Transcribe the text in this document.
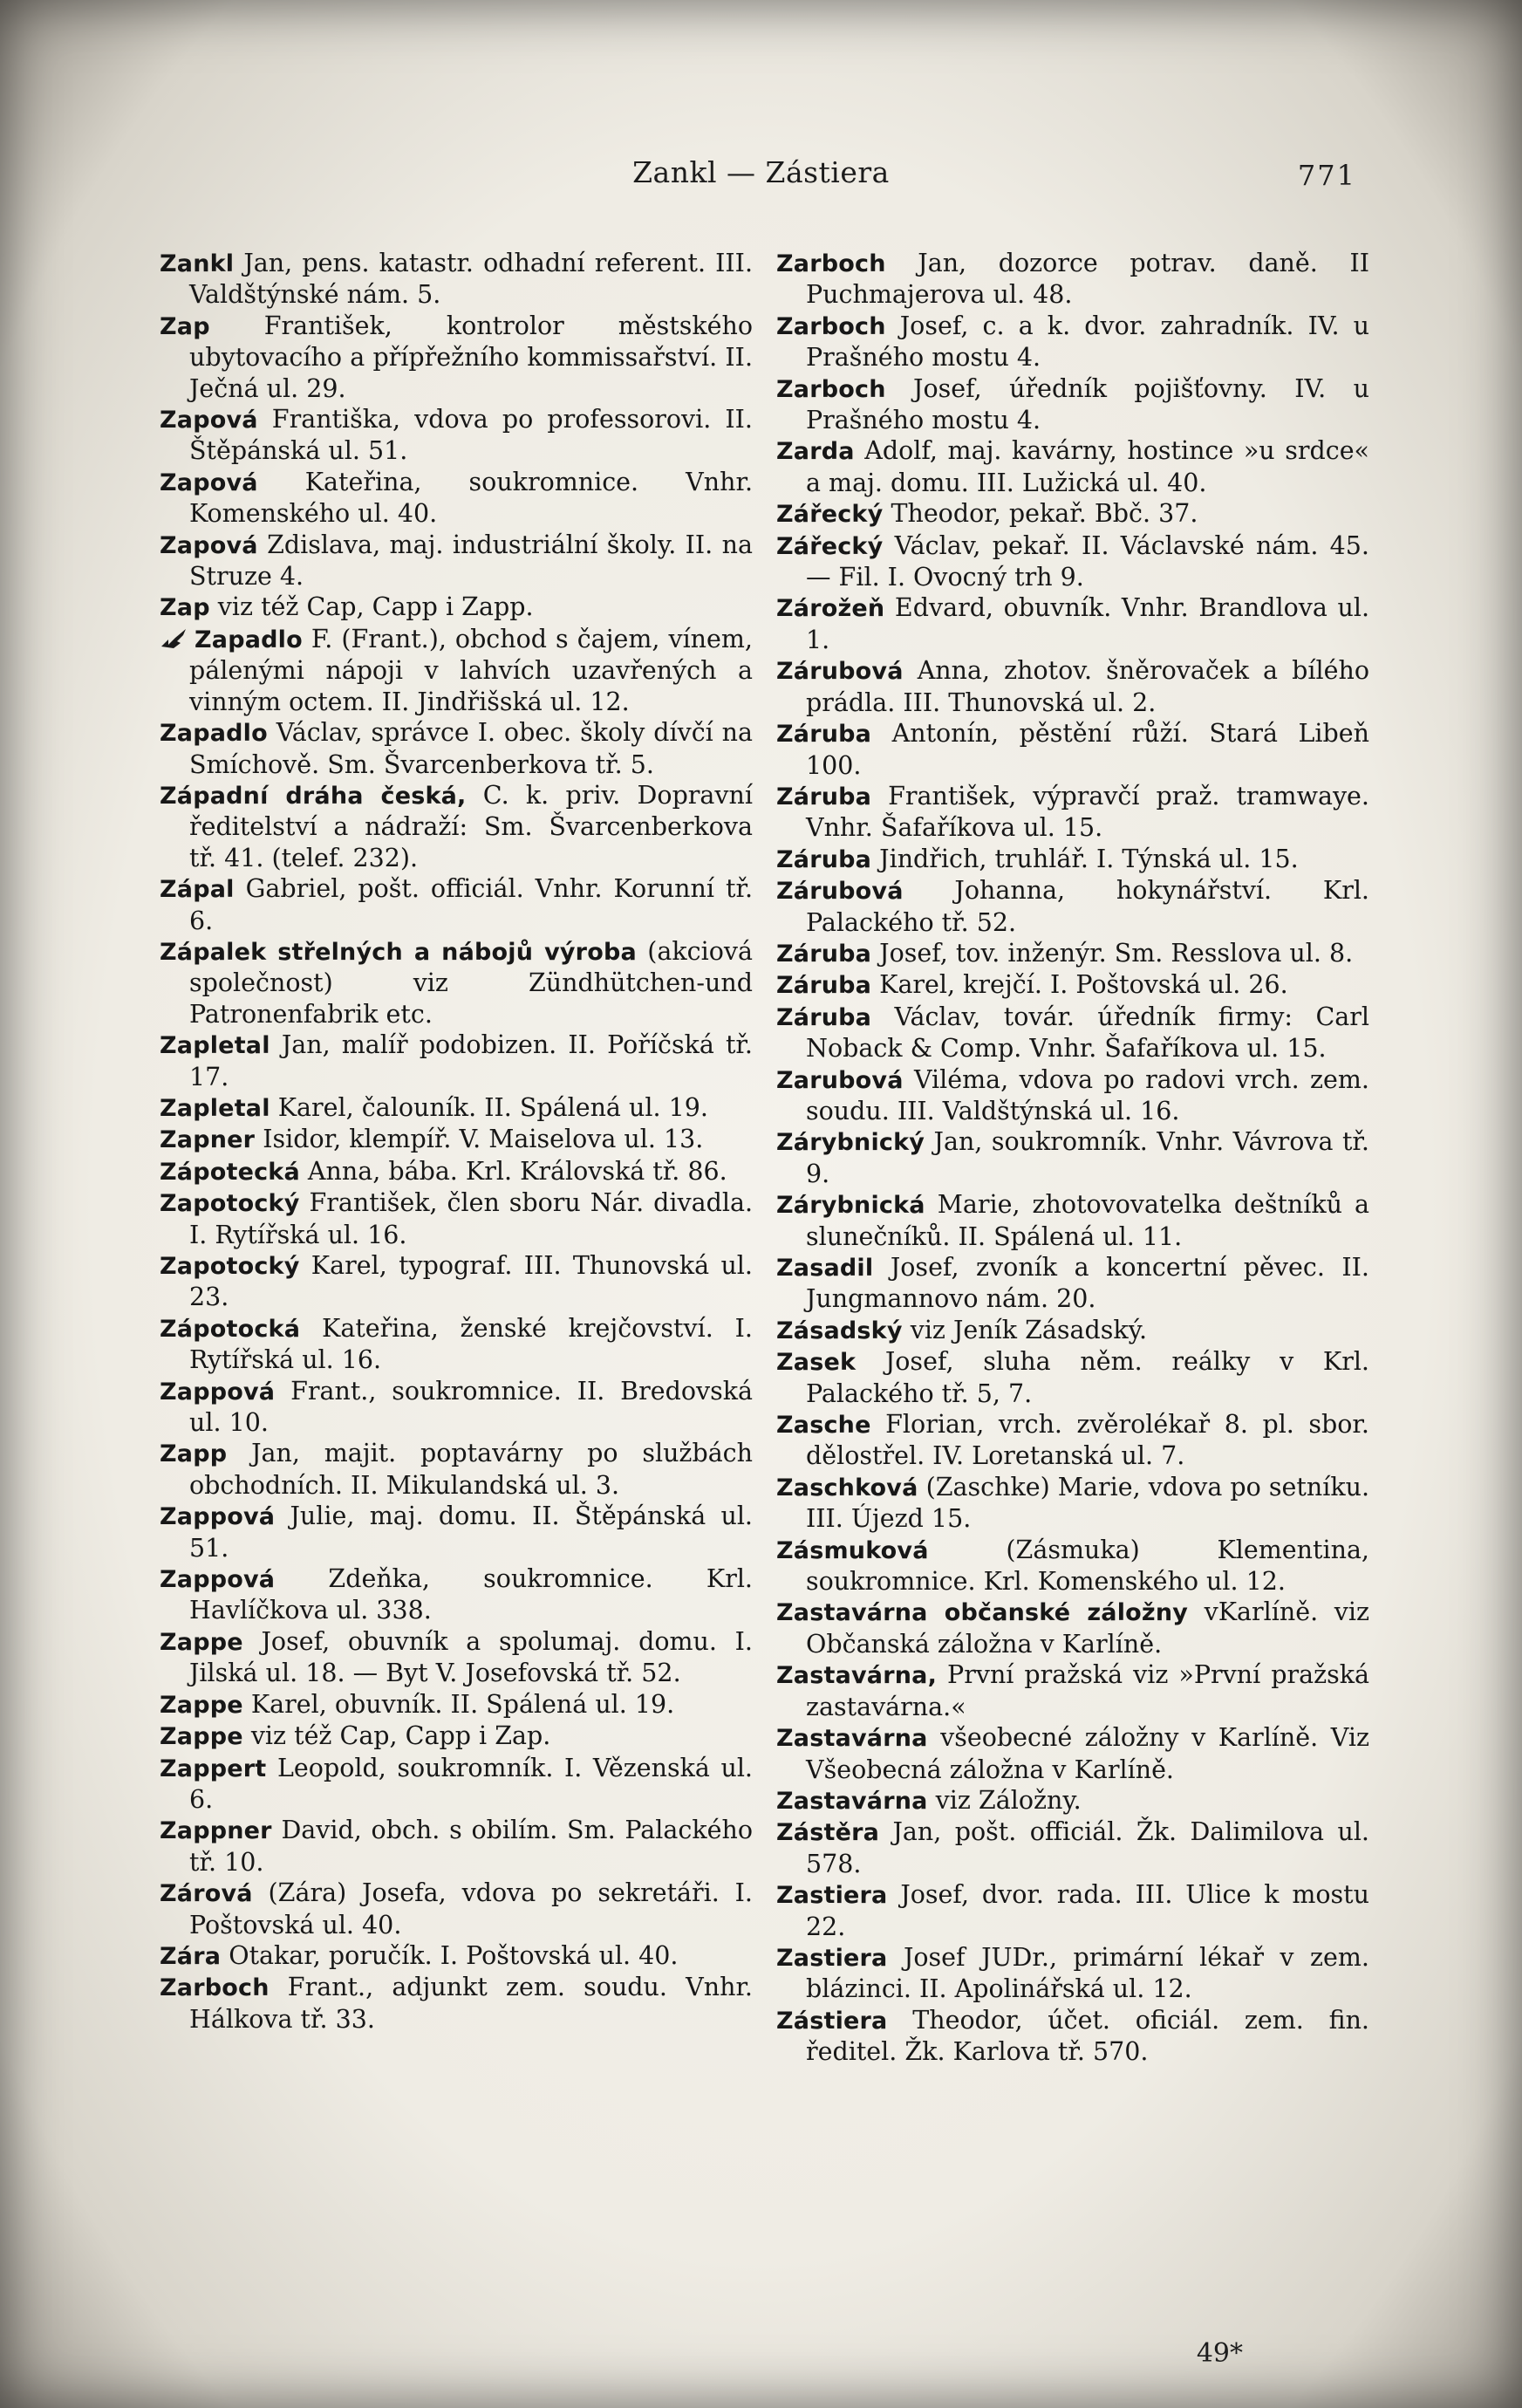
Zankl — Zástiera	771
Zankl Jan, pens. katastr. odhadní referent. III. Valdštýnské nám. 5.
Zap František, kontrolor městského ubytovacího a přípřežního kommissařství. II. Ječná ul. 29.
Zapová Františka, vdova po professorovi. II. Štěpánská ul. 51.
Zapová Kateřina, soukromnice. Vnhr. Komenského ul. 40.
Zapová Zdislava, maj. industriální školy. II. na Struze 4.
Zap viz též Cap, Capp i Zapp.
Zapadlo F. (Frant.), obchod s čajem, vínem, pálenými nápoji v lahvích uzavřených a vinným octem. II. Jindřišská ul. 12.
Zapadlo Václav, správce I. obec. školy dívčí na Smíchově. Sm. Švarcenberkova tř. 5.
Západní dráha česká, C. k. priv. Dopravní ředitelství a nádraží: Sm. Švarcenberkova tř. 41. (telef. 232).
Zápal Gabriel, pošt. officiál. Vnhr. Korunní tř. 6.
Zápalek střelných a nábojů výroba (akciová společnost) viz Zündhütchen-und Patronenfabrik etc.
Zapletal Jan, malíř podobizen. II. Poříčská tř. 17.
Zapletal Karel, čalouník. II. Spálená ul. 19.
Zapner Isidor, klempíř. V. Maiselova ul. 13.
Zápotecká Anna, bába. Krl. Královská tř. 86.
Zapotocký František, člen sboru Nár. divadla. I. Rytířská ul. 16.
Zapotocký Karel, typograf. III. Thunovská ul. 23.
Zápotocká Kateřina, ženské krejčovství. I. Rytířská ul. 16.
Zappová Frant., soukromnice. II. Bredovská ul. 10.
Zapp Jan, majit. poptavárny po službách obchodních. II. Mikulandská ul. 3.
Zappová Julie, maj. domu. II. Štěpánská ul. 51.
Zappová Zdeňka, soukromnice. Krl. Havlíčkova ul. 338.
Zappe Josef, obuvník a spolumaj. domu. I. Jilská ul. 18. — Byt V. Josefovská tř. 52.
Zappe Karel, obuvník. II. Spálená ul. 19.
Zappe viz též Cap, Capp i Zap.
Zappert Leopold, soukromník. I. Vězenská ul. 6.
Zappner David, obch. s obilím. Sm. Palackého tř. 10.
Zárová (Zára) Josefa, vdova po sekretáři. I. Poštovská ul. 40.
Zára Otakar, poručík. I. Poštovská ul. 40.
Zarboch Frant., adjunkt zem. soudu. Vnhr. Hálkova tř. 33.
Zarboch Jan, dozorce potrav. daně. II Puchmajerova ul. 48.
Zarboch Josef, c. a k. dvor. zahradník. IV. u Prašného mostu 4.
Zarboch Josef, úředník pojišťovny. IV. u Prašného mostu 4.
Zarda Adolf, maj. kavárny, hostince »u srdce« a maj. domu. III. Lužická ul. 40.
Zářecký Theodor, pekař. Bbč. 37.
Zářecký Václav, pekař. II. Václavské nám. 45. — Fil. I. Ovocný trh 9.
Zárožeň Edvard, obuvník. Vnhr. Brandlova ul. 1.
Zárubová Anna, zhotov. šněrovaček a bílého prádla. III. Thunovská ul. 2.
Záruba Antonín, pěstění růží. Stará Libeň 100.
Záruba František, výpravčí praž. tramwaye. Vnhr. Šafaříkova ul. 15.
Záruba Jindřich, truhlář. I. Týnská ul. 15.
Zárubová Johanna, hokynářství. Krl. Palackého tř. 52.
Záruba Josef, tov. inženýr. Sm. Resslova ul. 8.
Záruba Karel, krejčí. I. Poštovská ul. 26.
Záruba Václav, továr. úředník firmy: Carl Noback & Comp. Vnhr. Šafaříkova ul. 15.
Zarubová Viléma, vdova po radovi vrch. zem. soudu. III. Valdštýnská ul. 16.
Zárybnický Jan, soukromník. Vnhr. Vávrova tř. 9.
Zárybnická Marie, zhotovovatelka deštníků a slunečníků. II. Spálená ul. 11.
Zasadil Josef, zvoník a koncertní pěvec. II. Jungmannovo nám. 20.
Zásadský viz Jeník Zásadský.
Zasek Josef, sluha něm. reálky v Krl. Palackého tř. 5, 7.
Zasche Florian, vrch. zvěrolékař 8. pl. sbor. dělostřel. IV. Loretanská ul. 7.
Zaschková (Zaschke) Marie, vdova po setníku. III. Újezd 15.
Zásmuková (Zásmuka) Klementina, soukromnice. Krl. Komenského ul. 12.
Zastavárna občanské záložny vKarlíně. viz Občanská záložna v Karlíně.
Zastavárna, První pražská viz »První pražská zastavárna.«
Zastavárna všeobecné záložny v Karlíně. Viz Všeobecná záložna v Karlíně.
Zastavárna viz Záložny.
Zástěra Jan, pošt. officiál. Žk. Dalimilova ul. 578.
Zastiera Josef, dvor. rada. III. Ulice k mostu 22.
Zastiera Josef JUDr., primární lékař v zem. blázinci. II. Apolinářská ul. 12.
Zástiera Theodor, účet. oficiál. zem. fin. ředitel. Žk. Karlova tř. 570.
49*
